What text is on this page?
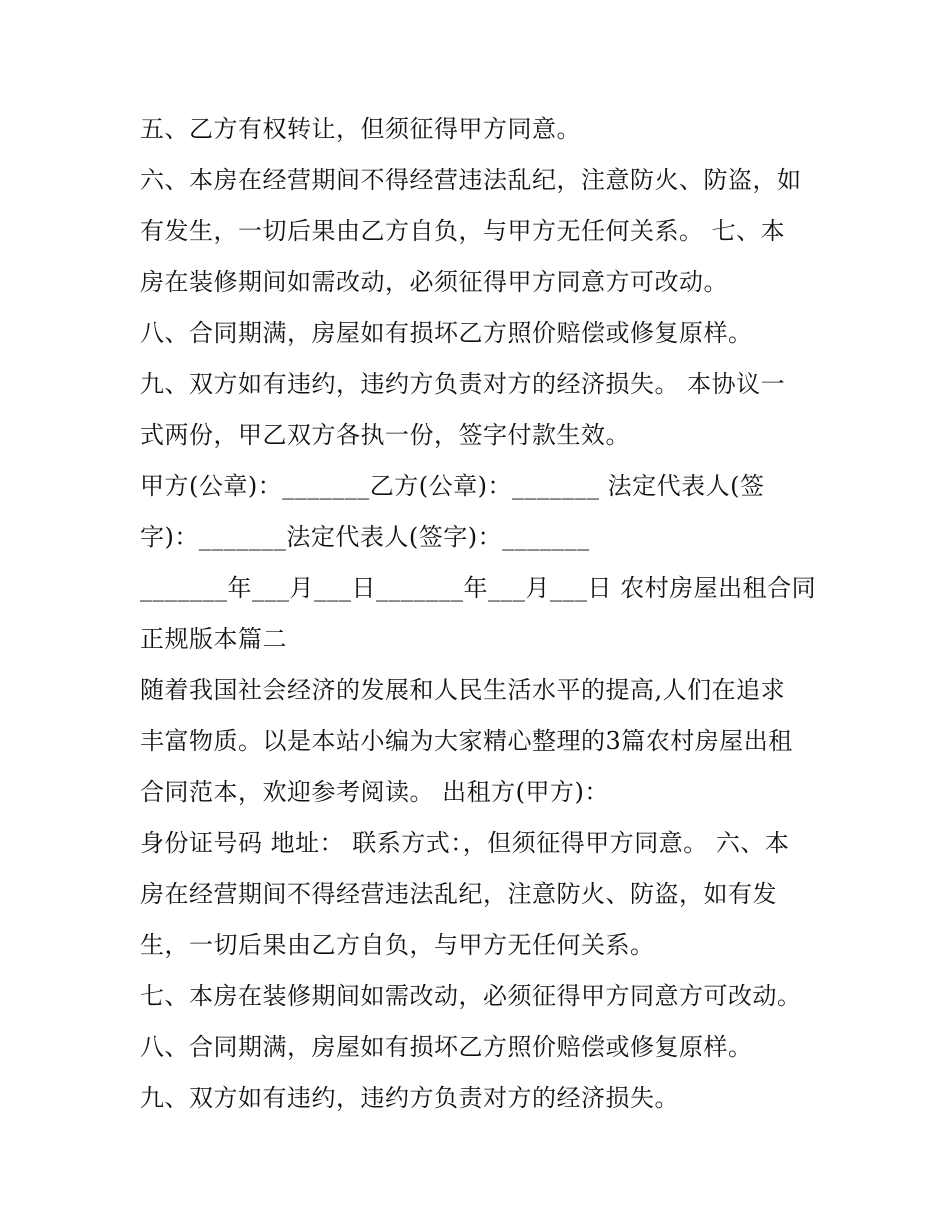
五、乙方有权转让，但须征得甲方同意。
六、本房在经营期间不得经营违法乱纪，注意防火、防盗，如
有发生，一切后果由乙方自负，与甲方无任何关系。 七、本
房在装修期间如需改动，必须征得甲方同意方可改动。
八、合同期满，房屋如有损坏乙方照价赔偿或修复原样。
九、双方如有违约，违约方负责对方的经济损失。 本协议一
式两份，甲乙双方各执一份，签字付款生效。
甲方(公章)：_______乙方(公章)：_______ 法定代表人(签
字)：_______法定代表人(签字)：_______
_______年___月___日_______年___月___日 农村房屋出租合同
正规版本篇二
随着我国社会经济的发展和人民生活水平的提高,人们在追求
丰富物质。以是本站小编为大家精心整理的3篇农村房屋出租
合同范本，欢迎参考阅读。 出租方(甲方)：
身份证号码 地址： 联系方式：，但须征得甲方同意。 六、本
房在经营期间不得经营违法乱纪，注意防火、防盗，如有发
生，一切后果由乙方自负，与甲方无任何关系。
七、本房在装修期间如需改动，必须征得甲方同意方可改动。
八、合同期满，房屋如有损坏乙方照价赔偿或修复原样。
九、双方如有违约，违约方负责对方的经济损失。
